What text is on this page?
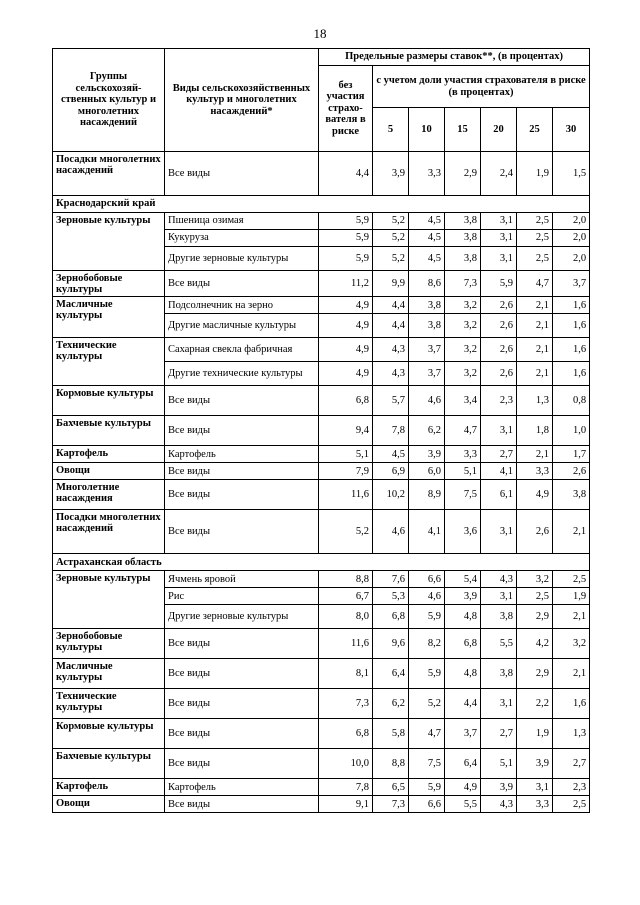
18
Группы сельскохозяй-ственных культур и многолетних насаждений	Виды сельскохозяйственных культур и многолетних насаждений*	Предельные размеры ставок**, (в процентах)						
		без участия страхо-вателя в риске	с учетом доли участия страхователя в риске (в процентах)					
			5	10	15	20	25	30
Посадки многолетних насаждений	Все виды	4,4	3,9	3,3	2,9	2,4	1,9	1,5
Краснодарский край								
Зерновые культуры	Пшеница озимая	5,9	5,2	4,5	3,8	3,1	2,5	2,0
	Кукуруза	5,9	5,2	4,5	3,8	3,1	2,5	2,0
	Другие зерновые культуры	5,9	5,2	4,5	3,8	3,1	2,5	2,0
Зернобобовые культуры	Все виды	11,2	9,9	8,6	7,3	5,9	4,7	3,7
Масличные культуры	Подсолнечник на зерно	4,9	4,4	3,8	3,2	2,6	2,1	1,6
	Другие масличные культуры	4,9	4,4	3,8	3,2	2,6	2,1	1,6
Технические культуры	Сахарная свекла фабричная	4,9	4,3	3,7	3,2	2,6	2,1	1,6
	Другие технические культуры	4,9	4,3	3,7	3,2	2,6	2,1	1,6
Кормовые культуры	Все виды	6,8	5,7	4,6	3,4	2,3	1,3	0,8
Бахчевые культуры	Все виды	9,4	7,8	6,2	4,7	3,1	1,8	1,0
Картофель	Картофель	5,1	4,5	3,9	3,3	2,7	2,1	1,7
Овощи	Все виды	7,9	6,9	6,0	5,1	4,1	3,3	2,6
Многолетние насаждения	Все виды	11,6	10,2	8,9	7,5	6,1	4,9	3,8
Посадки многолетних насаждений	Все виды	5,2	4,6	4,1	3,6	3,1	2,6	2,1
Астраханская область								
Зерновые культуры	Ячмень яровой	8,8	7,6	6,6	5,4	4,3	3,2	2,5
	Рис	6,7	5,3	4,6	3,9	3,1	2,5	1,9
	Другие зерновые культуры	8,0	6,8	5,9	4,8	3,8	2,9	2,1
Зернобобовые культуры	Все виды	11,6	9,6	8,2	6,8	5,5	4,2	3,2
Масличные культуры	Все виды	8,1	6,4	5,9	4,8	3,8	2,9	2,1
Технические культуры	Все виды	7,3	6,2	5,2	4,4	3,1	2,2	1,6
Кормовые культуры	Все виды	6,8	5,8	4,7	3,7	2,7	1,9	1,3
Бахчевые культуры	Все виды	10,0	8,8	7,5	6,4	5,1	3,9	2,7
Картофель	Картофель	7,8	6,5	5,9	4,9	3,9	3,1	2,3
Овощи	Все виды	9,1	7,3	6,6	5,5	4,3	3,3	2,5
